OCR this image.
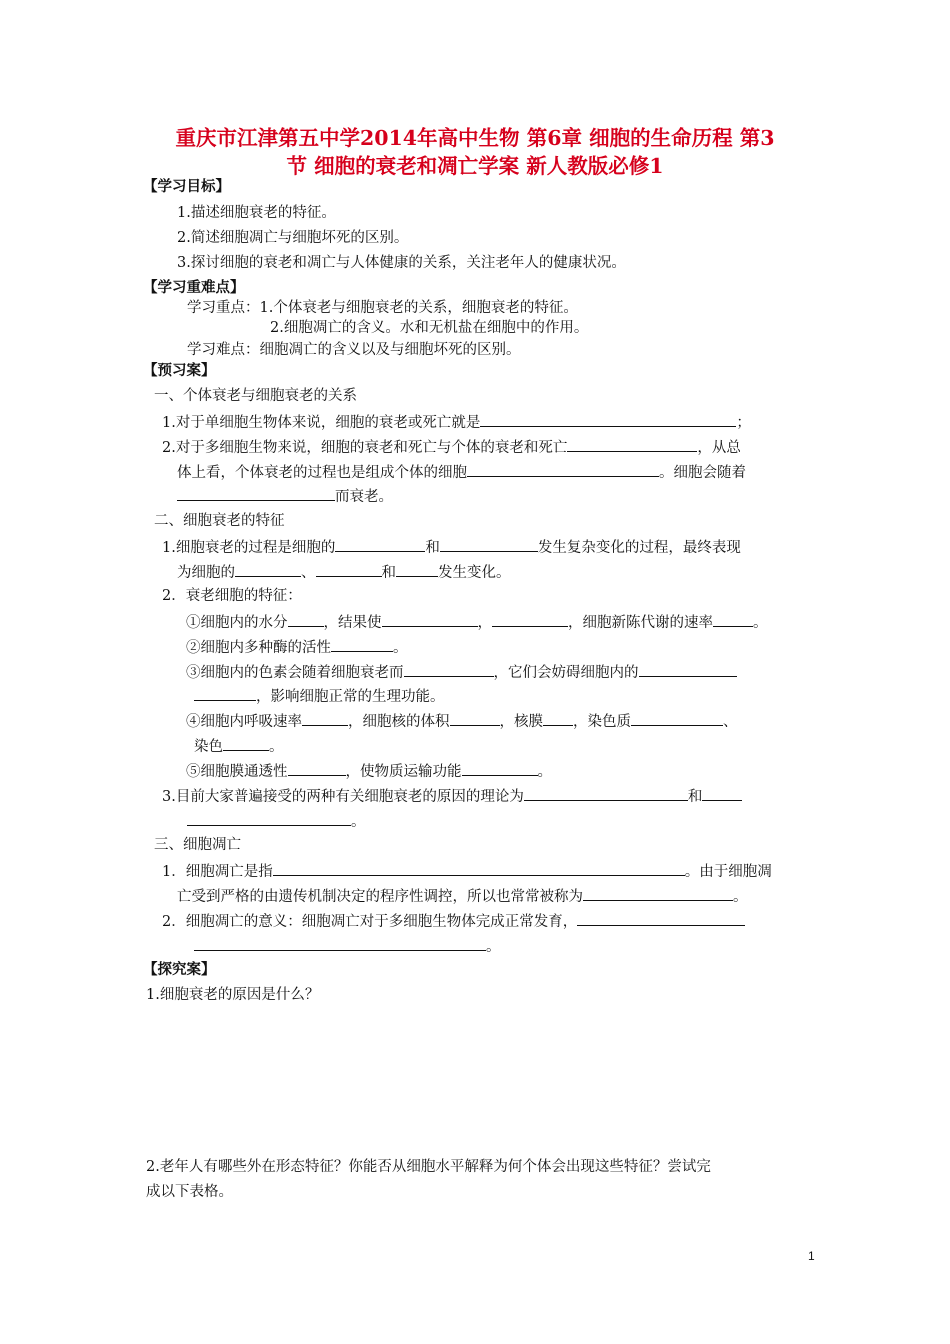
重庆市江津第五中学2014年高中生物 第6章 细胞的生命历程 第3
节 细胞的衰老和凋亡学案 新人教版必修1
【学习目标】
1.描述细胞衰老的特征。
2.简述细胞凋亡与细胞坏死的区别。
3.探讨细胞的衰老和凋亡与人体健康的关系，关注老年人的健康状况。
【学习重难点】
学习重点：1.个体衰老与细胞衰老的关系，细胞衰老的特征。
2.细胞凋亡的含义。水和无机盐在细胞中的作用。
学习难点：细胞凋亡的含义以及与细胞坏死的区别。
【预习案】
一、个体衰老与细胞衰老的关系
1.对于单细胞生物体来说，细胞的衰老或死亡就是	；
2.对于多细胞生物来说，细胞的衰老和死亡与个体的衰老和死亡	，从总
体上看，个体衰老的过程也是组成个体的细胞	。细胞会随着
而衰老。
二、细胞衰老的特征
1.细胞衰老的过程是细胞的	和	发生复杂变化的过程，最终表现
为细胞的	、	和	发生变化。
2．衰老细胞的特征：
①细胞内的水分 ，结果使	，	，细胞新陈代谢的速率	。
②细胞内多种酶的活性	。
③细胞内的色素会随着细胞衰老而	，它们会妨碍细胞内的
，影响细胞正常的生理功能。
④细胞内呼吸速率	，细胞核的体积	，核膜 ，染色质	、
染色	。
⑤细胞膜通透性	，使物质运输功能	。
3.目前大家普遍接受的两种有关细胞衰老的原因的理论为	和
。
三、细胞凋亡
1．细胞凋亡是指	。由于细胞凋
亡受到严格的由遗传机制决定的程序性调控，所以也常常被称为	。
2．细胞凋亡的意义：细胞凋亡对于多细胞生物体完成正常发育，
。
【探究案】
1.细胞衰老的原因是什么？
2.老年人有哪些外在形态特征？你能否从细胞水平解释为何个体会出现这些特征？尝试完
成以下表格。
1
